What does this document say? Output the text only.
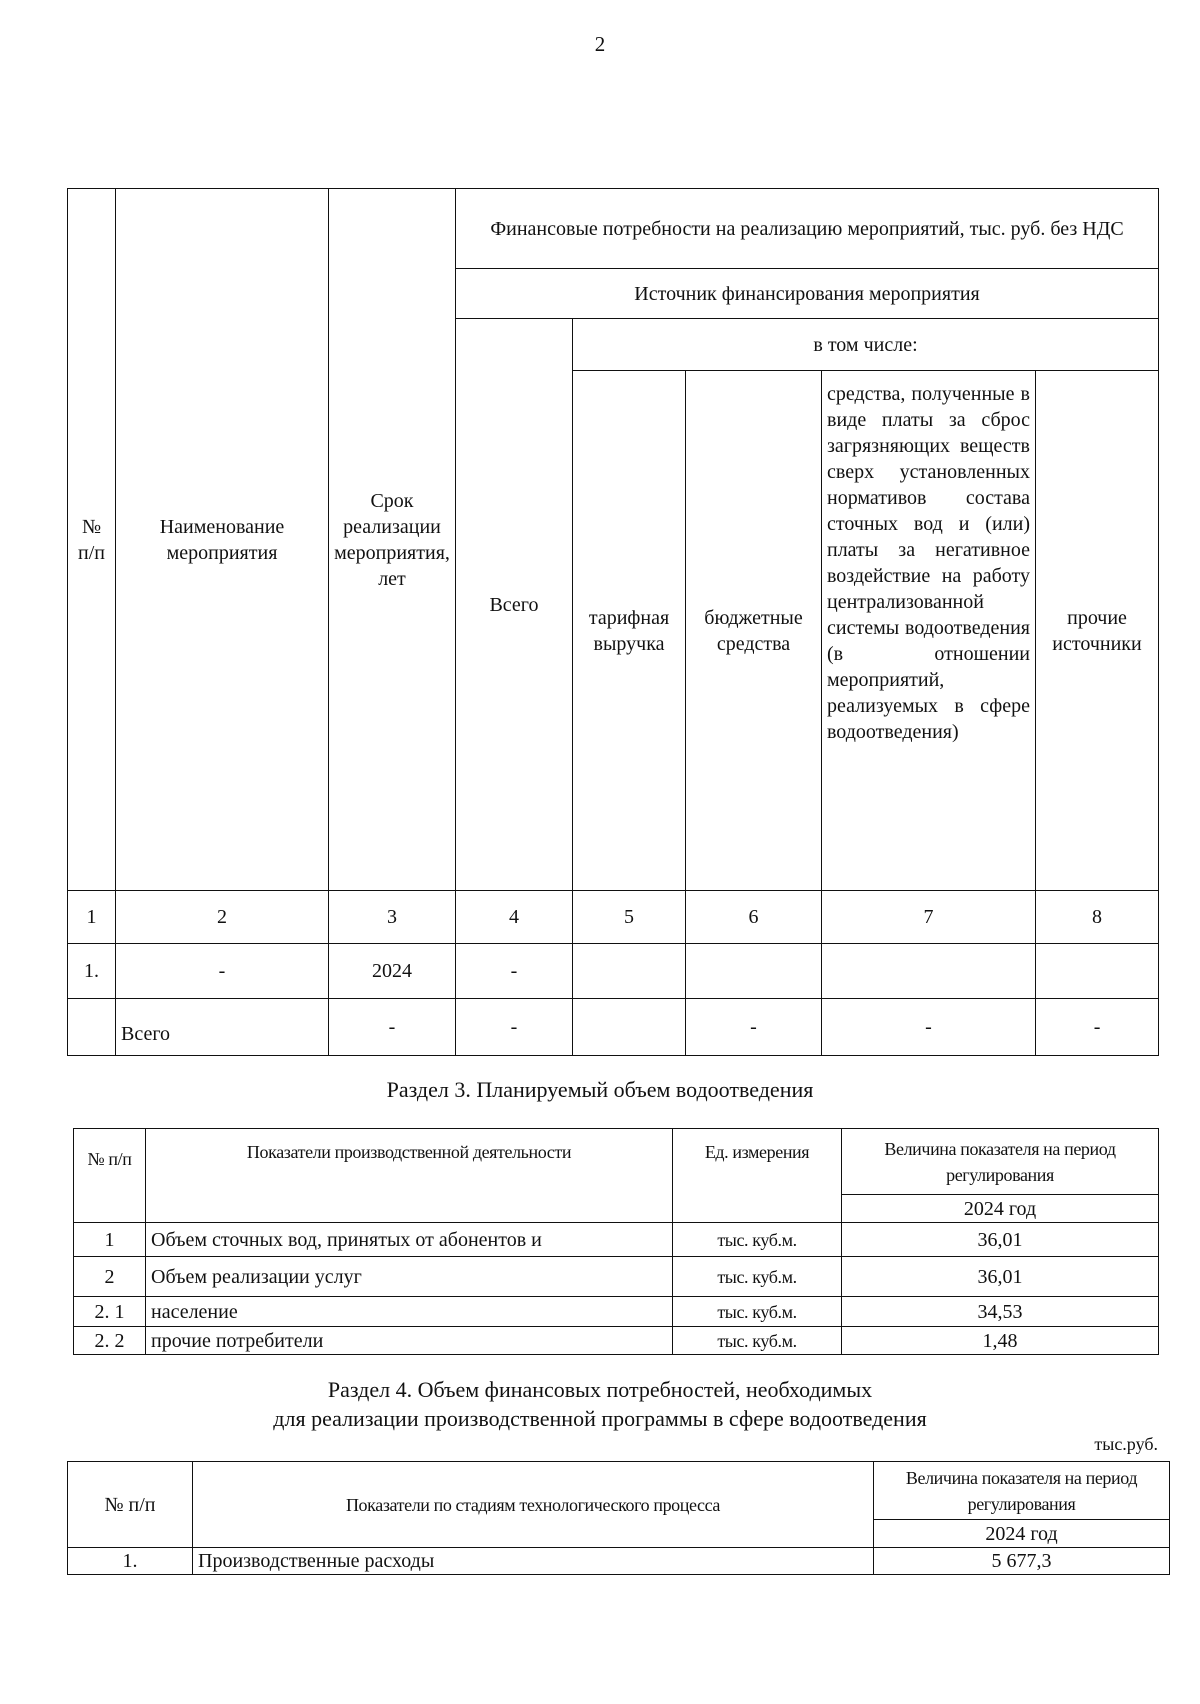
2
№ п/п	Наименование мероприятия	Срок реализации мероприятия, лет	Финансовые потребности на реализацию мероприятий, тыс. руб. без НДС				
			Источник финансирования мероприятия				
			Всего	в том числе:			
				тарифная выручка	бюджетные средства	средства, полученные в виде платы за сброс загрязняющих веществ сверх установленных нормативов состава сточных вод и (или) платы за негативное воздействие на работу централизованной системы водоотведения (в отношении мероприятий, реализуемых в сфере водоотведения)	прочие источники
1	2	3	4	5	6	7	8
1.	-	2024	-				
	Всего	-	-		-	-	-
Раздел 3. Планируемый объем водоотведения
№ п/п	Показатели производственной деятельности	Ед. измерения	Величина показателя на период регулирования
			2024 год
1	Объем сточных вод, принятых от абонентов и	тыс. куб.м.	36,01
2	Объем реализации услуг	тыс. куб.м.	36,01
2. 1	население	тыс. куб.м.	34,53
2. 2	прочие потребители	тыс. куб.м.	1,48
Раздел 4. Объем финансовых потребностей, необходимых
для реализации производственной программы в сфере водоотведения
тыс.руб.
№ п/п	Показатели по стадиям технологического процесса	Величина показателя на период регулирования
		2024 год
1.	Производственные расходы	5 677,3
